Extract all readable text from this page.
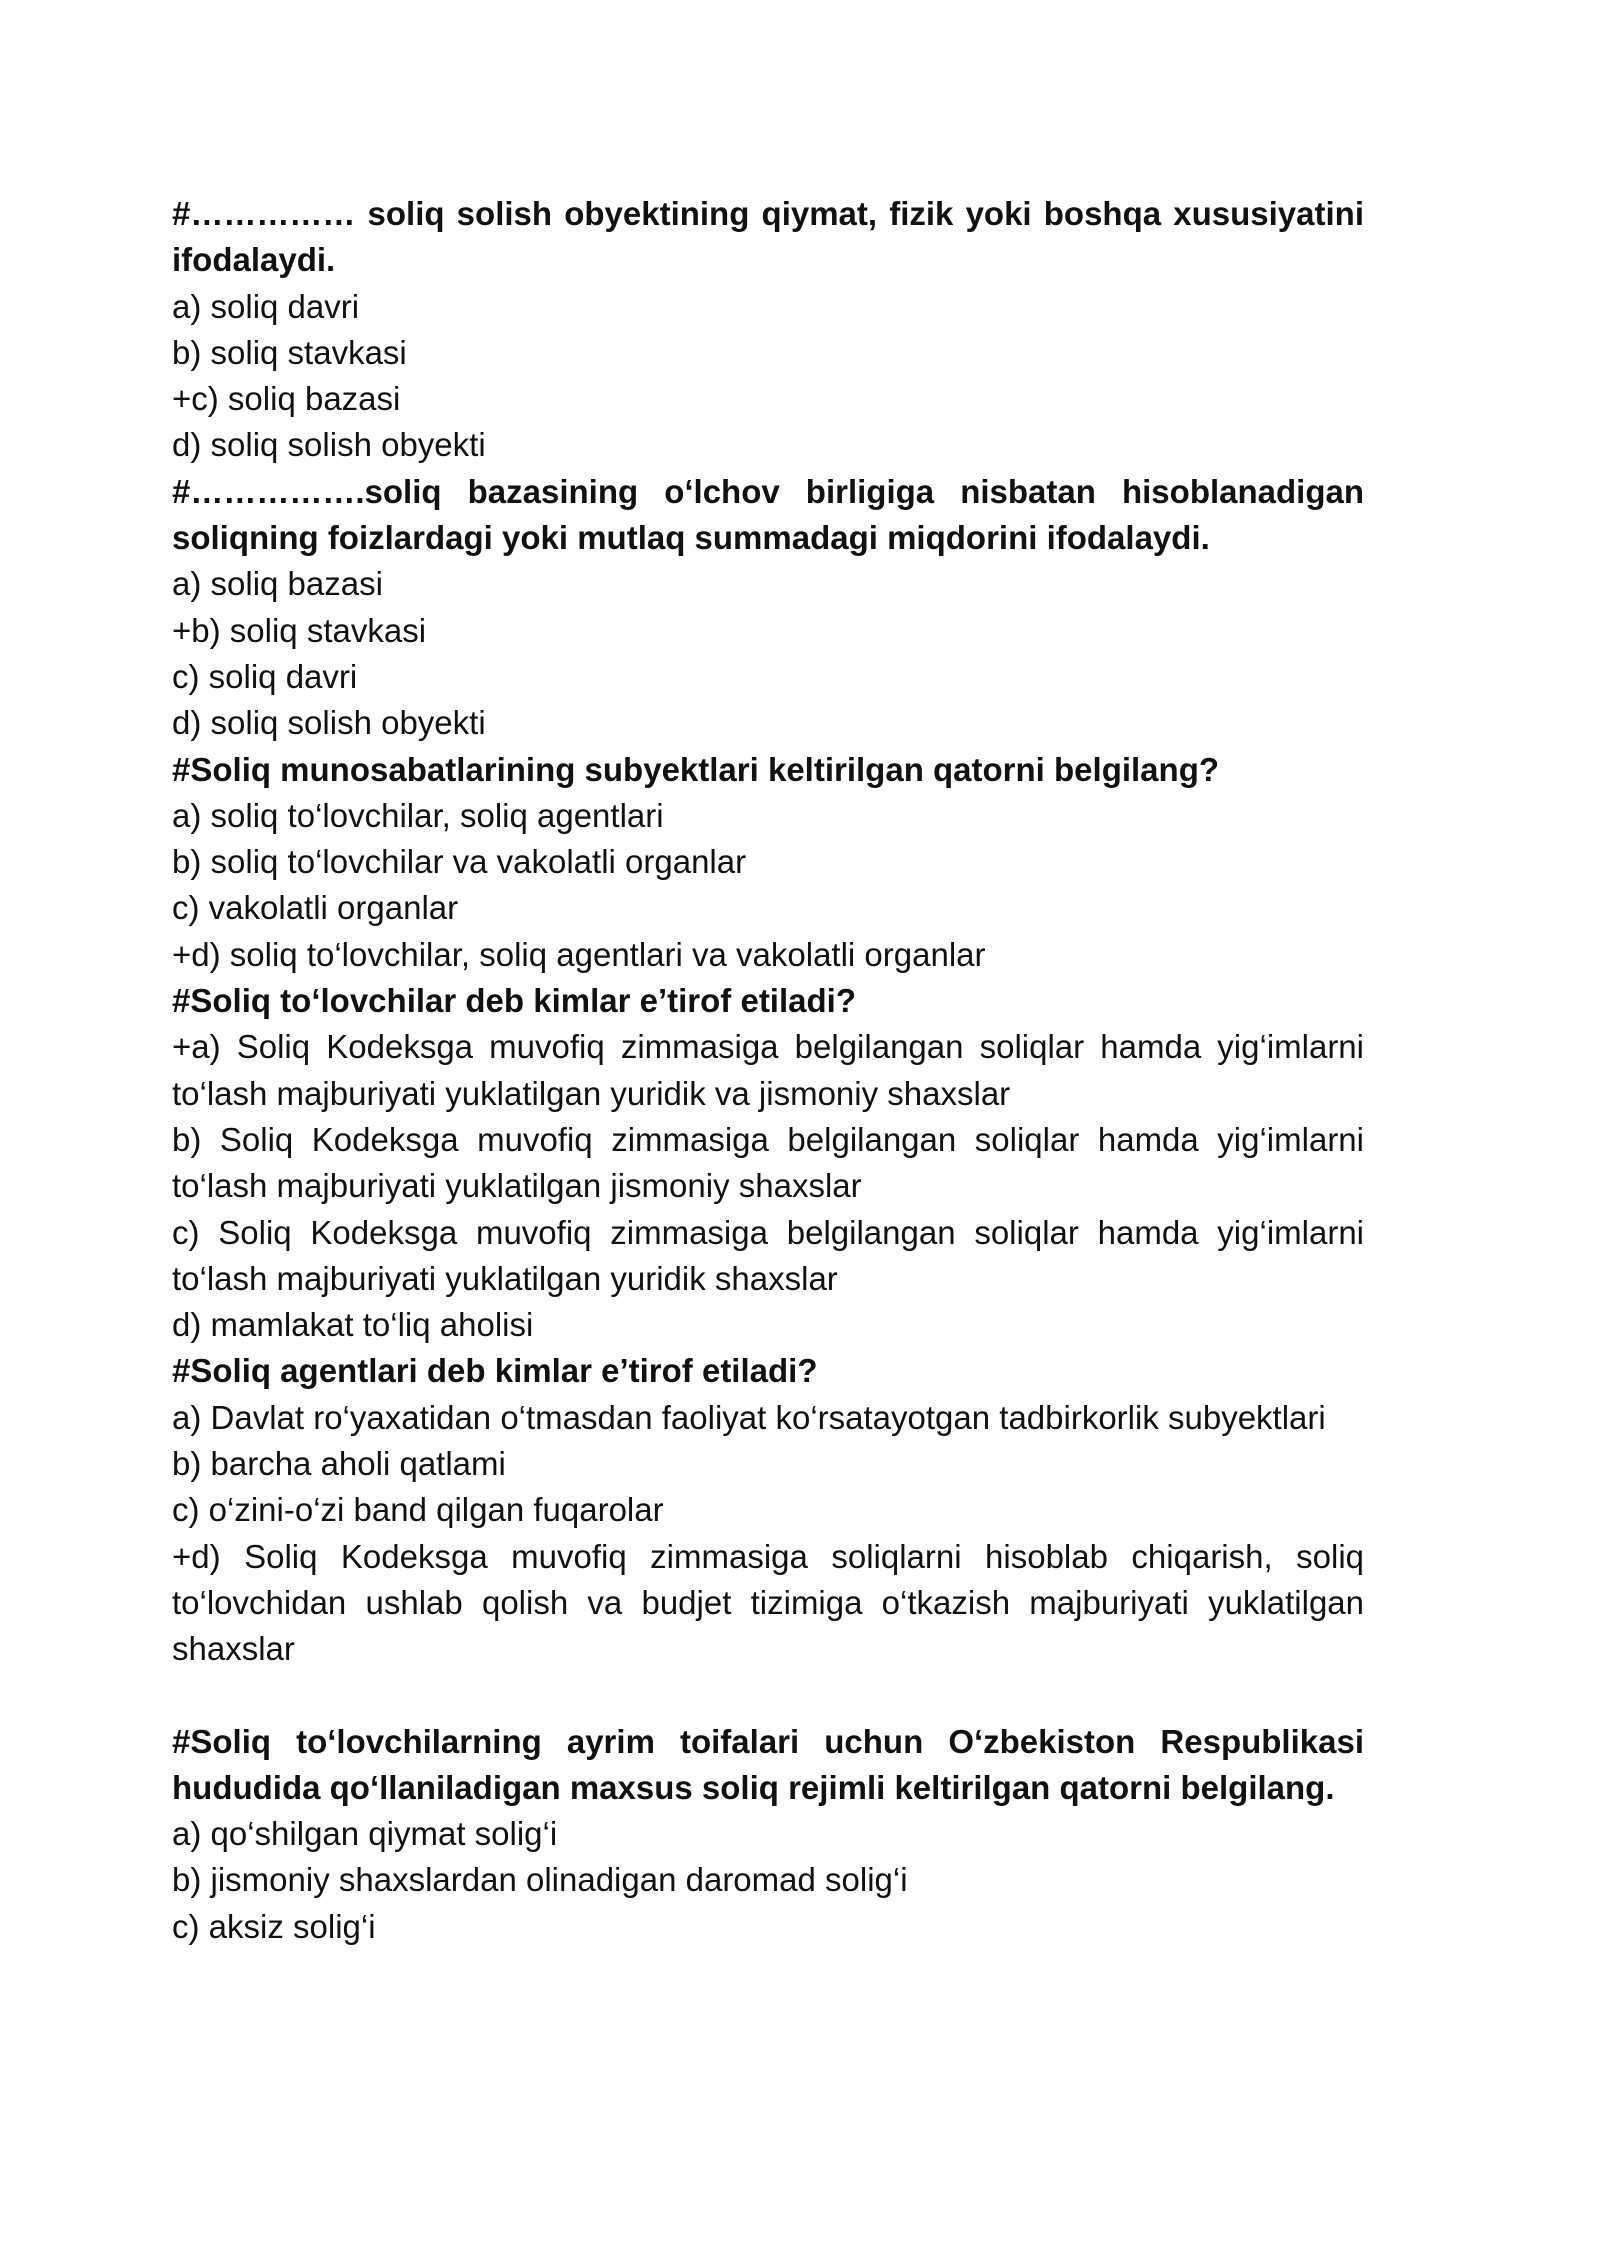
#…………… soliq solish obyektining qiymat, fizik yoki boshqa xususiyatini ifodalaydi.

a) soliq davri

b) soliq stavkasi

+c) soliq bazasi

d) soliq solish obyekti

#…………….soliq bazasining o‘lchov birligiga nisbatan hisoblanadigan soliqning foizlardagi yoki mutlaq summadagi miqdorini ifodalaydi.

a) soliq bazasi

+b) soliq stavkasi

c) soliq davri

d) soliq solish obyekti

#Soliq munosabatlarining subyektlari keltirilgan qatorni belgilang?

a) soliq to‘lovchilar, soliq agentlari

b) soliq to‘lovchilar va vakolatli organlar

c) vakolatli organlar

+d) soliq to‘lovchilar, soliq agentlari va vakolatli organlar

#Soliq to‘lovchilar deb kimlar e’tirof etiladi?

+a) Soliq Kodeksga muvofiq zimmasiga belgilangan soliqlar hamda yig‘imlarni to‘lash majburiyati yuklatilgan yuridik va jismoniy shaxslar

b) Soliq Kodeksga muvofiq zimmasiga belgilangan soliqlar hamda yig‘imlarni to‘lash majburiyati yuklatilgan jismoniy shaxslar

c) Soliq Kodeksga muvofiq zimmasiga belgilangan soliqlar hamda yig‘imlarni to‘lash majburiyati yuklatilgan yuridik shaxslar

d) mamlakat to‘liq aholisi

#Soliq agentlari deb kimlar e’tirof etiladi?

a) Davlat ro‘yaxatidan o‘tmasdan faoliyat ko‘rsatayotgan tadbirkorlik subyektlari

b) barcha aholi qatlami

c) o‘zini-o‘zi band qilgan fuqarolar

+d) Soliq Kodeksga muvofiq zimmasiga soliqlarni hisoblab chiqarish, soliq to‘lovchidan ushlab qolish va budjet tizimiga o‘tkazish majburiyati yuklatilgan shaxslar

#Soliq to‘lovchilarning ayrim toifalari uchun O‘zbekiston Respublikasi hududida qo‘llaniladigan maxsus soliq rejimli keltirilgan qatorni belgilang.

a) qo‘shilgan qiymat solig‘i

b) jismoniy shaxslardan olinadigan daromad solig‘i

c) aksiz solig‘i
